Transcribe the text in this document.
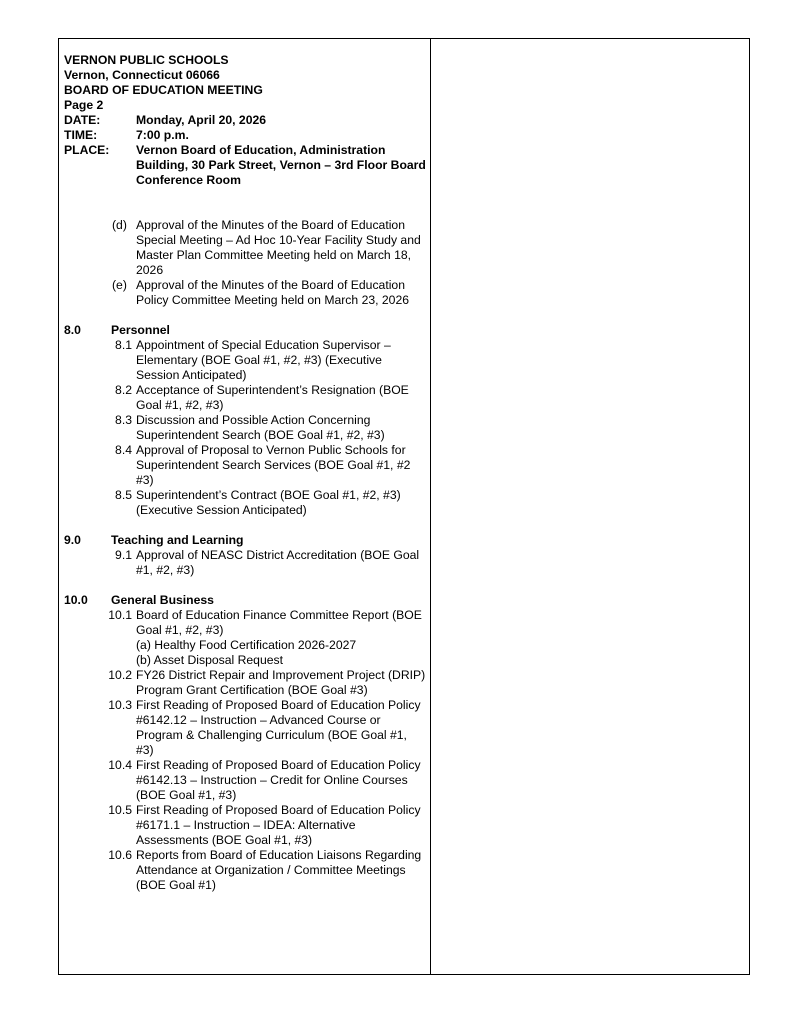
VERNON PUBLIC SCHOOLS
Vernon, Connecticut 06066
BOARD OF EDUCATION MEETING
Page 2
DATE:	Monday, April 20, 2026
TIME:	7:00 p.m.
PLACE:	Vernon Board of Education, Administration Building, 30 Park Street, Vernon – 3rd Floor Board Conference Room
(d) Approval of the Minutes of the Board of Education Special Meeting – Ad Hoc 10-Year Facility Study and Master Plan Committee Meeting held on March 18, 2026
(e) Approval of the Minutes of the Board of Education Policy Committee Meeting held on March 23, 2026
8.0	Personnel
8.1 Appointment of Special Education Supervisor – Elementary (BOE Goal #1, #2, #3) (Executive Session Anticipated)
8.2 Acceptance of Superintendent’s Resignation (BOE Goal #1, #2, #3)
8.3 Discussion and Possible Action Concerning Superintendent Search (BOE Goal #1, #2, #3)
8.4 Approval of Proposal to Vernon Public Schools for Superintendent Search Services (BOE Goal #1, #2 #3)
8.5 Superintendent’s Contract (BOE Goal #1, #2, #3) (Executive Session Anticipated)
9.0	Teaching and Learning
9.1 Approval of NEASC District Accreditation (BOE Goal #1, #2, #3)
10.0	General Business
10.1 Board of Education Finance Committee Report (BOE Goal #1, #2, #3)
(a) Healthy Food Certification 2026-2027
(b) Asset Disposal Request
10.2 FY26 District Repair and Improvement Project (DRIP) Program Grant Certification (BOE Goal #3)
10.3 First Reading of Proposed Board of Education Policy #6142.12 – Instruction – Advanced Course or Program & Challenging Curriculum (BOE Goal #1, #3)
10.4 First Reading of Proposed Board of Education Policy #6142.13 – Instruction – Credit for Online Courses (BOE Goal #1, #3)
10.5 First Reading of Proposed Board of Education Policy #6171.1 – Instruction – IDEA: Alternative Assessments (BOE Goal #1, #3)
10.6 Reports from Board of Education Liaisons Regarding Attendance at Organization / Committee Meetings (BOE Goal #1)
